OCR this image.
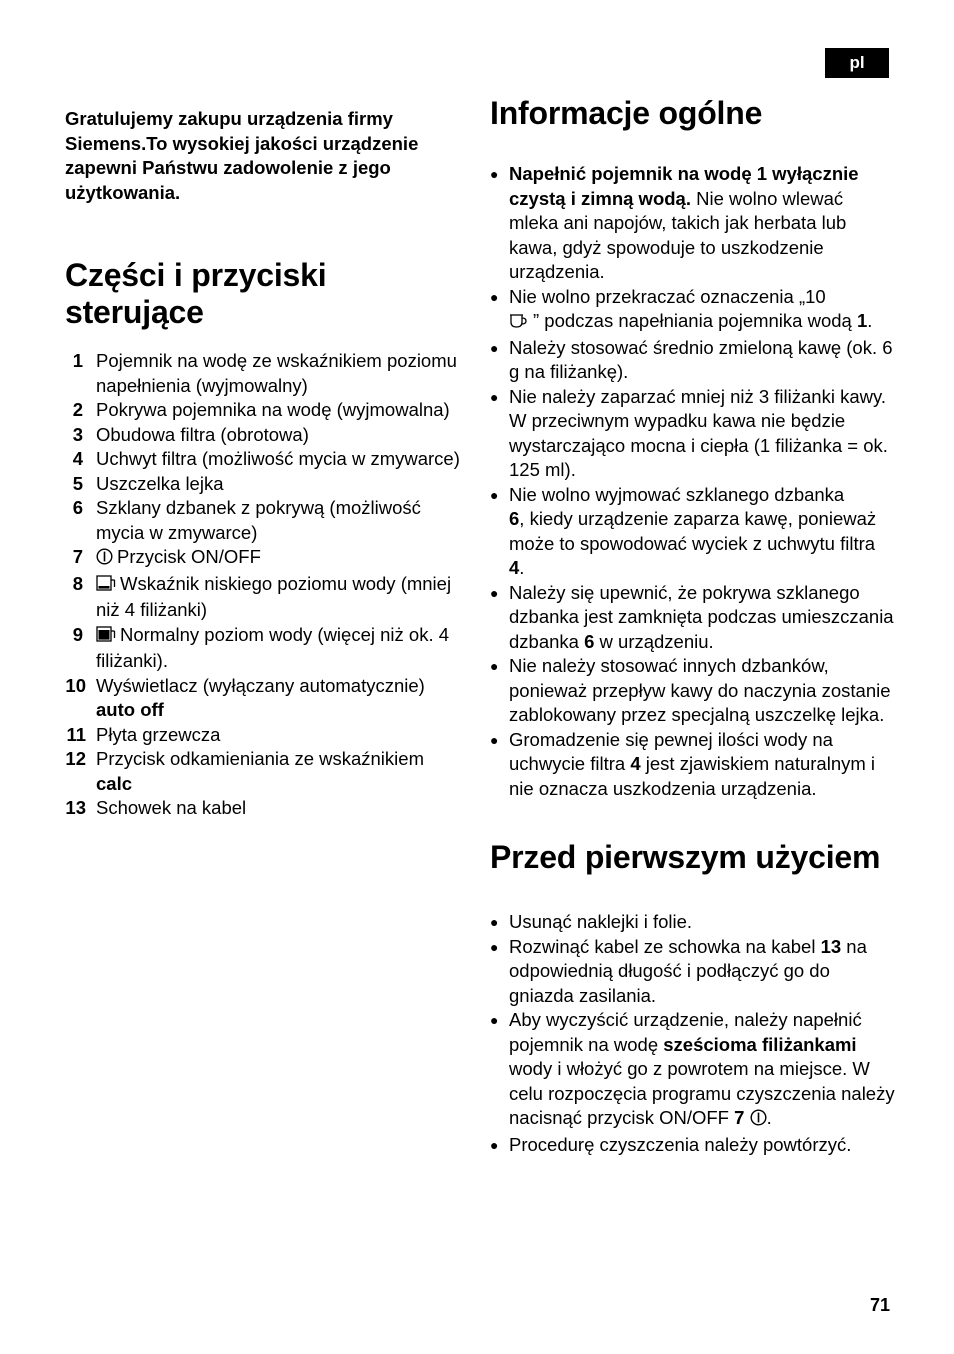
pl

Gratulujemy zakupu urządzenia firmy Siemens.To wysokiej jakości urządzenie zapewni Państwu zadowolenie z jego użytkowania.

Części i przyciski
sterujące
1 Pojemnik na wodę ze wskaźnikiem poziomu napełnienia (wyjmowalny)
2 Pokrywa pojemnika na wodę (wyjmowalna)
3 Obudowa filtra (obrotowa)
4 Uchwyt filtra (możliwość mycia w zmywarce)
5 Uszczelka lejka
6 Szklany dzbanek z pokrywą (możliwość mycia w zmywarce)
7 Przycisk ON/OFF
8 Wskaźnik niskiego poziomu wody (mniej niż 4 filiżanki)
9 Normalny poziom wody (więcej niż ok. 4 filiżanki).
10 Wyświetlacz (wyłączany automatycznie)
auto off
11 Płyta grzewcza
12 Przycisk odkamieniania ze wskaźnikiem
calc
13 Schowek na kabel
Informacje ogólne
● Napełnić pojemnik na wodę 1 wyłącznie czystą i zimną wodą. Nie wolno wlewać mleka ani napojów, takich jak herbata lub kawa, gdyż spowoduje to uszkodzenie urządzenia.
● Nie wolno przekraczać oznaczenia „10
” podczas napełniania pojemnika wodą 1.
● Należy stosować średnio zmieloną kawę (ok. 6 g na filiżankę).
● Nie należy zaparzać mniej niż 3 filiżanki kawy. W przeciwnym wypadku kawa nie będzie wystarczająco mocna i ciepła (1 filiżanka = ok. 125 ml).
● Nie wolno wyjmować szklanego dzbanka
6, kiedy urządzenie zaparza kawę, ponieważ może to spowodować wyciek z uchwytu filtra 4.
● Należy się upewnić, że pokrywa szklanego dzbanka jest zamknięta podczas umieszczania dzbanka 6 w urządzeniu.
● Nie należy stosować innych dzbanków, ponieważ przepływ kawy do naczynia zostanie zablokowany przez specjalną uszczelkę lejka.
● Gromadzenie się pewnej ilości wody na uchwycie filtra 4 jest zjawiskiem naturalnym i nie oznacza uszkodzenia urządzenia.
Przed pierwszym użyciem
● Usunąć naklejki i folie.
● Rozwinąć kabel ze schowka na kabel 13 na odpowiednią długość i podłączyć go do gniazda zasilania.
● Aby wyczyścić urządzenie, należy napełnić pojemnik na wodę sześcioma filiżankami wody i włożyć go z powrotem na miejsce. W celu rozpoczęcia programu czyszczenia należy nacisnąć przycisk ON/OFF 7 .
● Procedurę czyszczenia należy powtórzyć.
71
